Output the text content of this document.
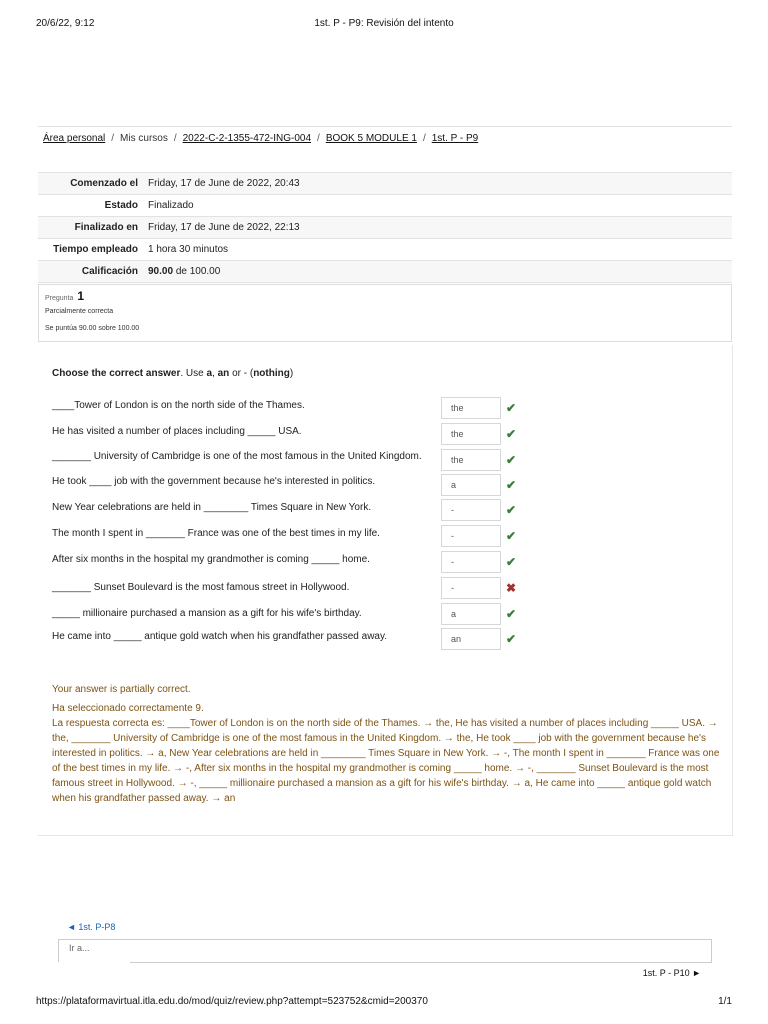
20/6/22, 9:12	1st. P - P9: Revisión del intento
Área personal / Mis cursos / 2022-C-2-1355-472-ING-004 / BOOK 5 MODULE 1 / 1st. P - P9
Comenzado el	Friday, 17 de June de 2022, 20:43
Estado	Finalizado
Finalizado en	Friday, 17 de June de 2022, 22:13
Tiempo empleado	1 hora 30 minutos
Calificación	90.00 de 100.00
Pregunta 1
Parcialmente correcta
Se puntúa 90.00 sobre 100.00
Choose the correct answer. Use a, an or - (nothing)
____Tower of London is on the north side of the Thames.	the	✔
He has visited a number of places including _____ USA.	the	✔
_______ University of Cambridge is one of the most famous in the United Kingdom.	the	✔
He took ____ job with the government because he's interested in politics.	a	✔
New Year celebrations are held in ________ Times Square in New York.	-	✔
The month I spent in _______ France was one of the best times in my life.	-	✔
After six months in the hospital my grandmother is coming _____ home.	-	✔
_______ Sunset Boulevard is the most famous street in Hollywood.	-	✖
_____ millionaire purchased a mansion as a gift for his wife's birthday.	a	✔
He came into _____ antique gold watch when his grandfather passed away.	an	✔
Your answer is partially correct.
Ha seleccionado correctamente 9.
La respuesta correcta es: ____Tower of London is on the north side of the Thames. → the, He has visited a number of places including _____ USA. → the, _______ University of Cambridge is one of the most famous in the United Kingdom. → the, He took ____ job with the government because he's interested in politics. → a, New Year celebrations are held in ________ Times Square in New York. → -, The month I spent in _______ France was one of the best times in my life. → -, After six months in the hospital my grandmother is coming _____ home. → -, _______ Sunset Boulevard is the most famous street in Hollywood. → -, _____ millionaire purchased a mansion as a gift for his wife's birthday. → a, He came into _____ antique gold watch when his grandfather passed away. → an
◄ 1st. P-P8
Ir a...
1st. P - P10 ►
https://plataformavirtual.itla.edu.do/mod/quiz/review.php?attempt=523752&cmid=200370	1/1
